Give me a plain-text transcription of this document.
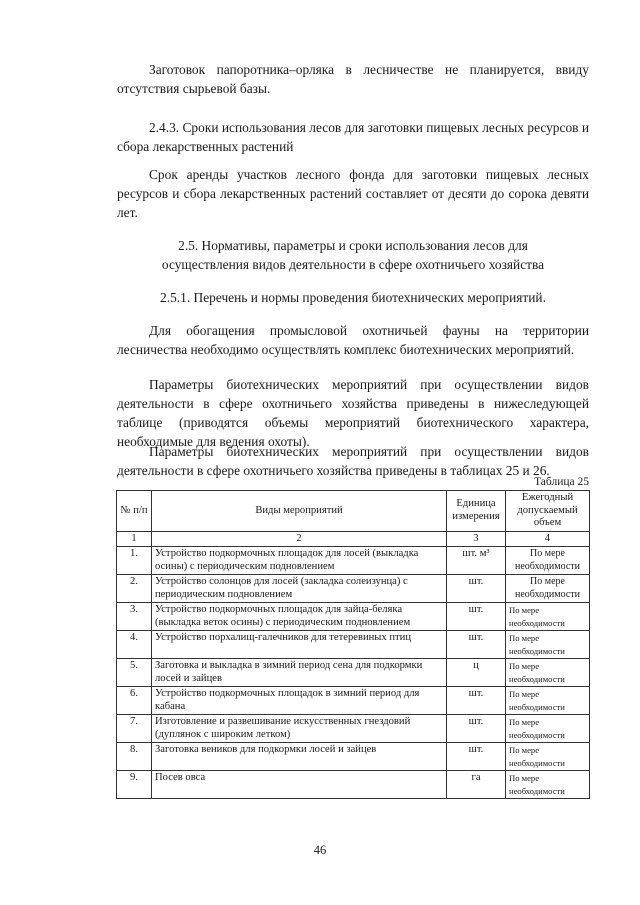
Заготовок папоротника–орляка в лесничестве не планируется, ввиду отсутствия сырьевой базы.
2.4.3. Сроки использования лесов для заготовки пищевых лесных ресурсов и сбора лекарственных растений
Срок аренды участков лесного фонда для заготовки пищевых лесных ресурсов и сбора лекарственных растений составляет от десяти до сорока девяти лет.
2.5. Нормативы, параметры и сроки использования лесов для осуществления видов деятельности в сфере охотничьего хозяйства
2.5.1. Перечень и нормы проведения биотехнических мероприятий.
Для обогащения промысловой охотничьей фауны на территории лесничества необходимо осуществлять комплекс биотехнических мероприятий.
Параметры биотехнических мероприятий при осуществлении видов деятельности в сфере охотничьего хозяйства приведены в нижеследующей таблице (приводятся объемы мероприятий биотехнического характера, необходимые для ведения охоты).
Параметры биотехнических мероприятий при осуществлении видов деятельности в сфере охотничьего хозяйства приведены в таблицах 25 и 26.
Таблица 25
№ п/п	Виды мероприятий	Единица измерения	Ежегодный допускаемый объем
1	2	3	4
1.	Устройство подкормочных площадок для лосей (выкладка осины) с периодическим подновлением	шт. м³	По мере необходимости
2.	Устройство солонцов для лосей (закладка солеизунца) с периодическим подновлением	шт.	По мере необходимости
3.	Устройство подкормочных площадок для зайца-беляка (выкладка веток осины) с периодическим подновлением	шт.	По мере необходимости
4.	Устройство порхалищ-галечников для тетеревиных птиц	шт.	По мере необходимости
5.	Заготовка и выкладка в зимний период сена для подкормки лосей и зайцев	ц	По мере необходимости
6.	Устройство подкормочных площадок в зимний период для кабана	шт.	По мере необходимости
7.	Изготовление и развешивание искусственных гнездовий (дуплянок с широким летком)	шт.	По мере необходимости
8.	Заготовка веников для подкормки лосей и зайцев	шт.	По мере необходимости
9.	Посев овса	га	По мере необходимости
46
